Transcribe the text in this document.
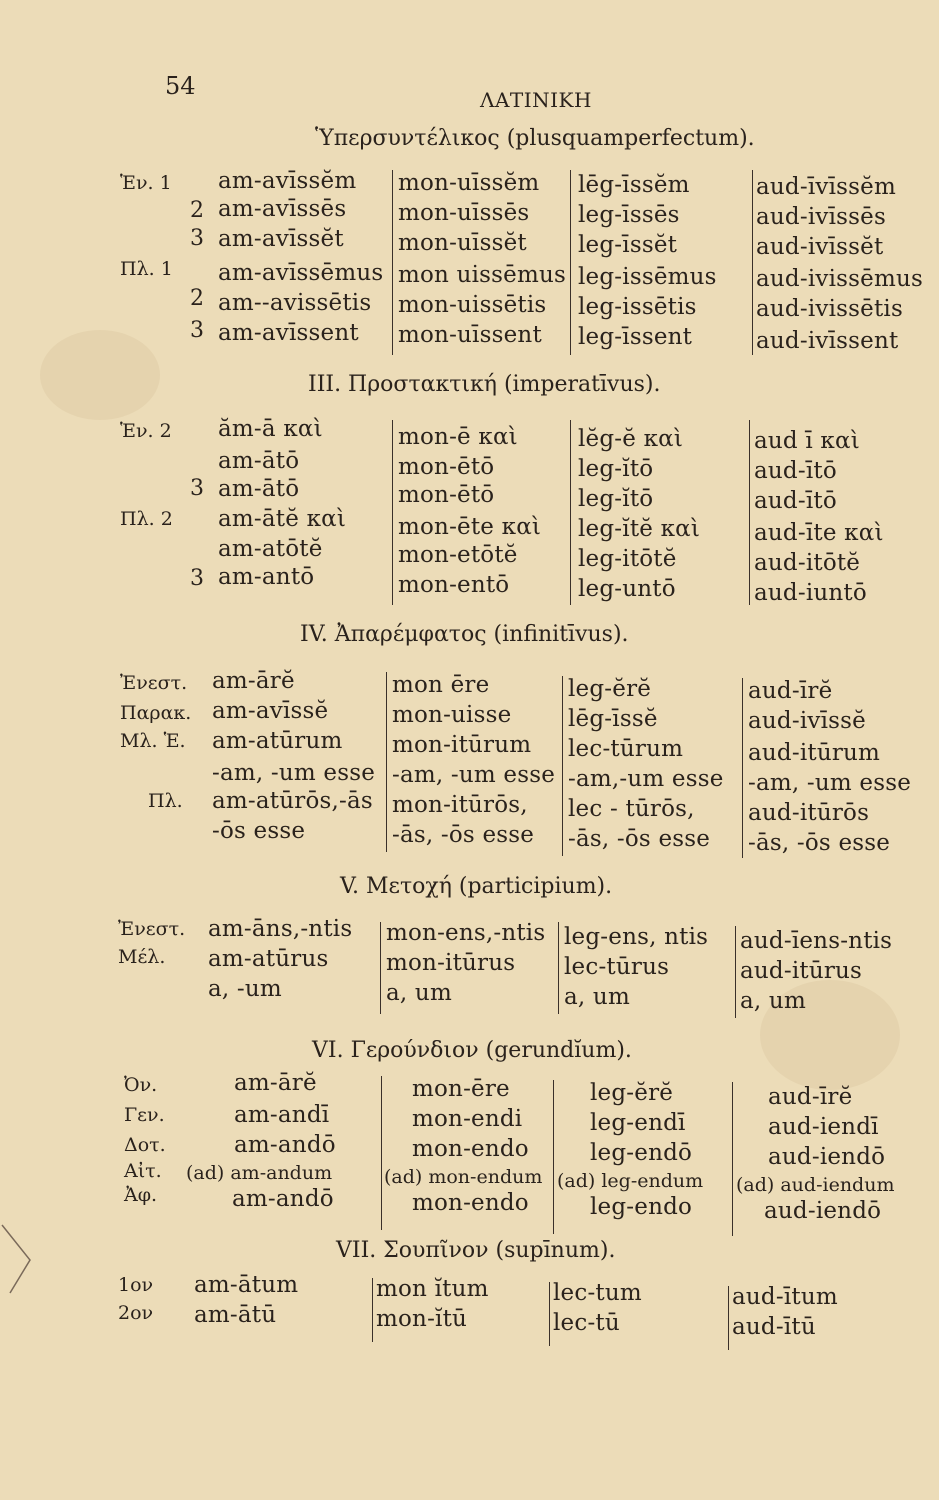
54	ΛΑΤΙΝΙΚΗ
Ὑπερσυντέλικος (plusquamperfectum).
Ἑν. 1
2
3
Πλ. 1
2
3
am-avīssĕm
am-avīssēs
am-avīssĕt
am-avīssēmus
am--avissētis
am-avīssent
mon-uīssĕm
mon-uīssēs
mon-uīssĕt
mon uissēmus
mon-uissētis
mon-uīssent
lēg-īssĕm
leg-īssēs
leg-īssĕt
leg-issēmus
leg-issētis
leg-īssent
aud-īvīssĕm
aud-ivīssēs
aud-ivīssĕt
aud-ivissēmus
aud-ivissētis
aud-ivīssent
III. Προστακτική (imperatīvus).
Ἑν. 2
3
Πλ. 2
3
ăm-ā καὶ
am-ātō
am-ātō
am-ātĕ καὶ
am-atōtĕ
am-antō
mon-ē καὶ
mon-ētō
mon-ētō
mon-ēte καὶ
mon-etōtĕ
mon-entō
lĕg-ĕ καὶ
leg-ĭtō
leg-ĭtō
leg-ĭtĕ καὶ
leg-itōtĕ
leg-untō
aud ī καὶ
aud-ītō
aud-ītō
aud-īte καὶ
aud-itōtĕ
aud-iuntō
IV. Ἀπαρέμφατος (infinitīvus).
Ἐνεστ.
Παρακ.
Μλ. Ἑ.
Πλ.
am-ārĕ
am-avīssĕ
am-atūrum
-am, -um esse
am-atūrōs,-ās
-ōs esse
mon ēre
mon-uisse
mon-itūrum
-am, -um esse
mon-itūrōs,
-ās, -ōs esse
leg-ĕrĕ
lēg-īssĕ
lec-tūrum
-am,-um esse
lec - tūrōs,
-ās, -ōs esse
aud-īrĕ
aud-ivīssĕ
aud-itūrum
-am, -um esse
aud-itūrōs
-ās, -ōs esse
V. Μετοχή (participium).
Ἐνεστ.
Μέλ.
am-āns,-ntis
am-atūrus
a, -um
mon-ens,-ntis
mon-itūrus
a, um
leg-ens, ntis
lec-tūrus
a, um
aud-īens-ntis
aud-itūrus
a, um
VI. Γερούνδιον (gerundĭum).
Ὀν.
Γεν.
Δοτ.
Αἰτ.
Ἀφ.
am-ārĕ
am-andī
am-andō
(ad) am-andum
am-andō
mon-ēre
mon-endi
mon-endo
(ad) mon-endum
mon-endo
leg-ĕrĕ
leg-endī
leg-endō
(ad) leg-endum
leg-endo
aud-īrĕ
aud-iendī
aud-iendō
(ad) aud-iendum
aud-iendō
VII. Σουπῖνον (supīnum).
1ον
2ον
am-ātum
am-ātū
mon ĭtum
mon-ĭtū
lec-tum
lec-tū
aud-ītum
aud-ītū
